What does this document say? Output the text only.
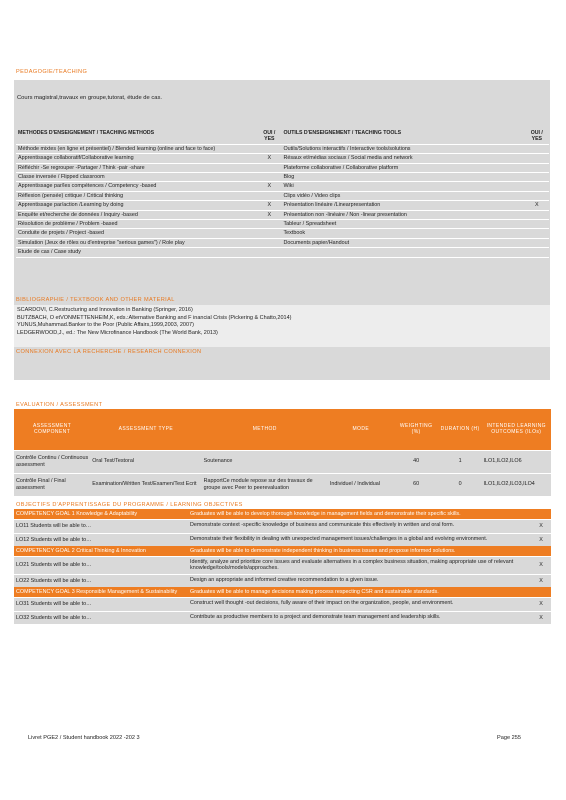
PEDAGOGIE/TEACHING
Cours magistral,travaux en groupe,tutorat, étude de cas.
METHODES D'ENSEIGNEMENT / TEACHING METHODS	OUI / YES	OUTILS D'ENSEIGNEMENT / TEACHING TOOLS	OUI / YES
Méthode mixtes (en ligne et présentiel) / Blended learning (online and face to face)		Outils/Solutions interactifs / Interactive tools/solutions	
Apprentissage collaboratif/Collaborative learning	X	Résaux et/médias sociaux / Social media and network	
Réfléchir -Se regrouper -Partager / Think -pair -share		Plateforme collaborative / Collaborative platform	
Classe inversée / Flipped classroom		Blog	
Apprentissage par/les compétences / Competency -based	X	Wiki	
Réflexion (pensée) critique / Critical thinking		Clips vidéo / Video clips	
Apprentissage par/action /Learning by doing	X	Présentation linéaire /Linearpresentation	X
Enquête et/recherche de données / Inquiry -based	X	Présentation non -linéaire / Non -linear presentation	
Résolution de problème / Problem -based		Tableur / Spreadsheet	
Conduite de projets / Project -based		Textbook	
Simulation (Jeux de rôles ou d'entreprise "serious games") / Role play		Documents papier/Handout	
Etude de cas / Case study			
BIBLIOGRAPHIE / TEXTBOOK AND OTHER MATERIAL
SCARDOVI, C.Restructuring and Innovation in Banking (Springer, 2016)
BUTZBACH, O etVONMETTENHEIM,K, eds.:Alternative Banking and F inancial Crisis (Pickering & Chatto,2014)
YUNUS,Muhammad.Banker to the Poor (Public Affairs,1999,2003, 2007)
LEDGERWOOD,J., ed.: The New Microfinance Handbook (The World Bank, 2013)
CONNEXION AVEC LA RECHERCHE / RESEARCH CONNEXION
EVALUATION / ASSESSMENT
ASSESSMENT COMPONENT	ASSESSMENT TYPE	METHOD	MODE	WEIGHTING (%)	DURATION (H)	INTENDED LEARNING OUTCOMES (ILOs)
Contrôle Continu / Continuous assessment	Oral Test/Testoral	Soutenance		40	1	ILO1,ILO2,ILO6
Contrôle Final / Final assessment	Examination/Written Test/Examen/Test Ecrit	RapportCe module repose sur des travaux de groupe avec Peer to peerevaluation	Individuel / Individual	60	0	ILO1,ILO2,ILO3,ILO4
OBJECTIFS D'APPRENTISSAGE DU PROGRAMME / LEARNING OBJECTIVES
COMPETENCY GOAL 1 Knowledge & Adaptability	Graduates will be able to develop thorough knowledge in management fields and demonstrate their specific skills.	
LO11 Students will be able to…	Demonstrate context -specific knowledge of business and communicate this effectively in written and oral form.	X
LO12 Students will be able to…	Demonstrate their flexibility in dealing with unexpected management issues/challenges in a global and evolving environment.	X
COMPETENCY GOAL 2 Critical Thinking & Innovation	Graduates will be able to demonstrate independent thinking in business issues and propose informed solutions.	
LO21 Students will be able to…	Identify, analyze and prioritize core issues and evaluate alternatives in a complex business situation, making appropriate use of relevant knowledge/tools/models/approaches.	X
LO22 Students will be able to…	Design an appropriate and informed creative recommendation to a given issue.	X
COMPETENCY GOAL 3 Responsible Management & Sustainability	Graduates will be able to manage decisions making process respecting CSR and sustainable standards.	
LO31 Students will be able to…	Construct well thought -out decisions, fully aware of their impact on the organization, people, and environment.	X
LO32 Students will be able to…	Contribute as productive members to a project and demonstrate team management and leadership skills.	X
Livret PGE2 / Student handbook 2022 -202 3	Page 255
